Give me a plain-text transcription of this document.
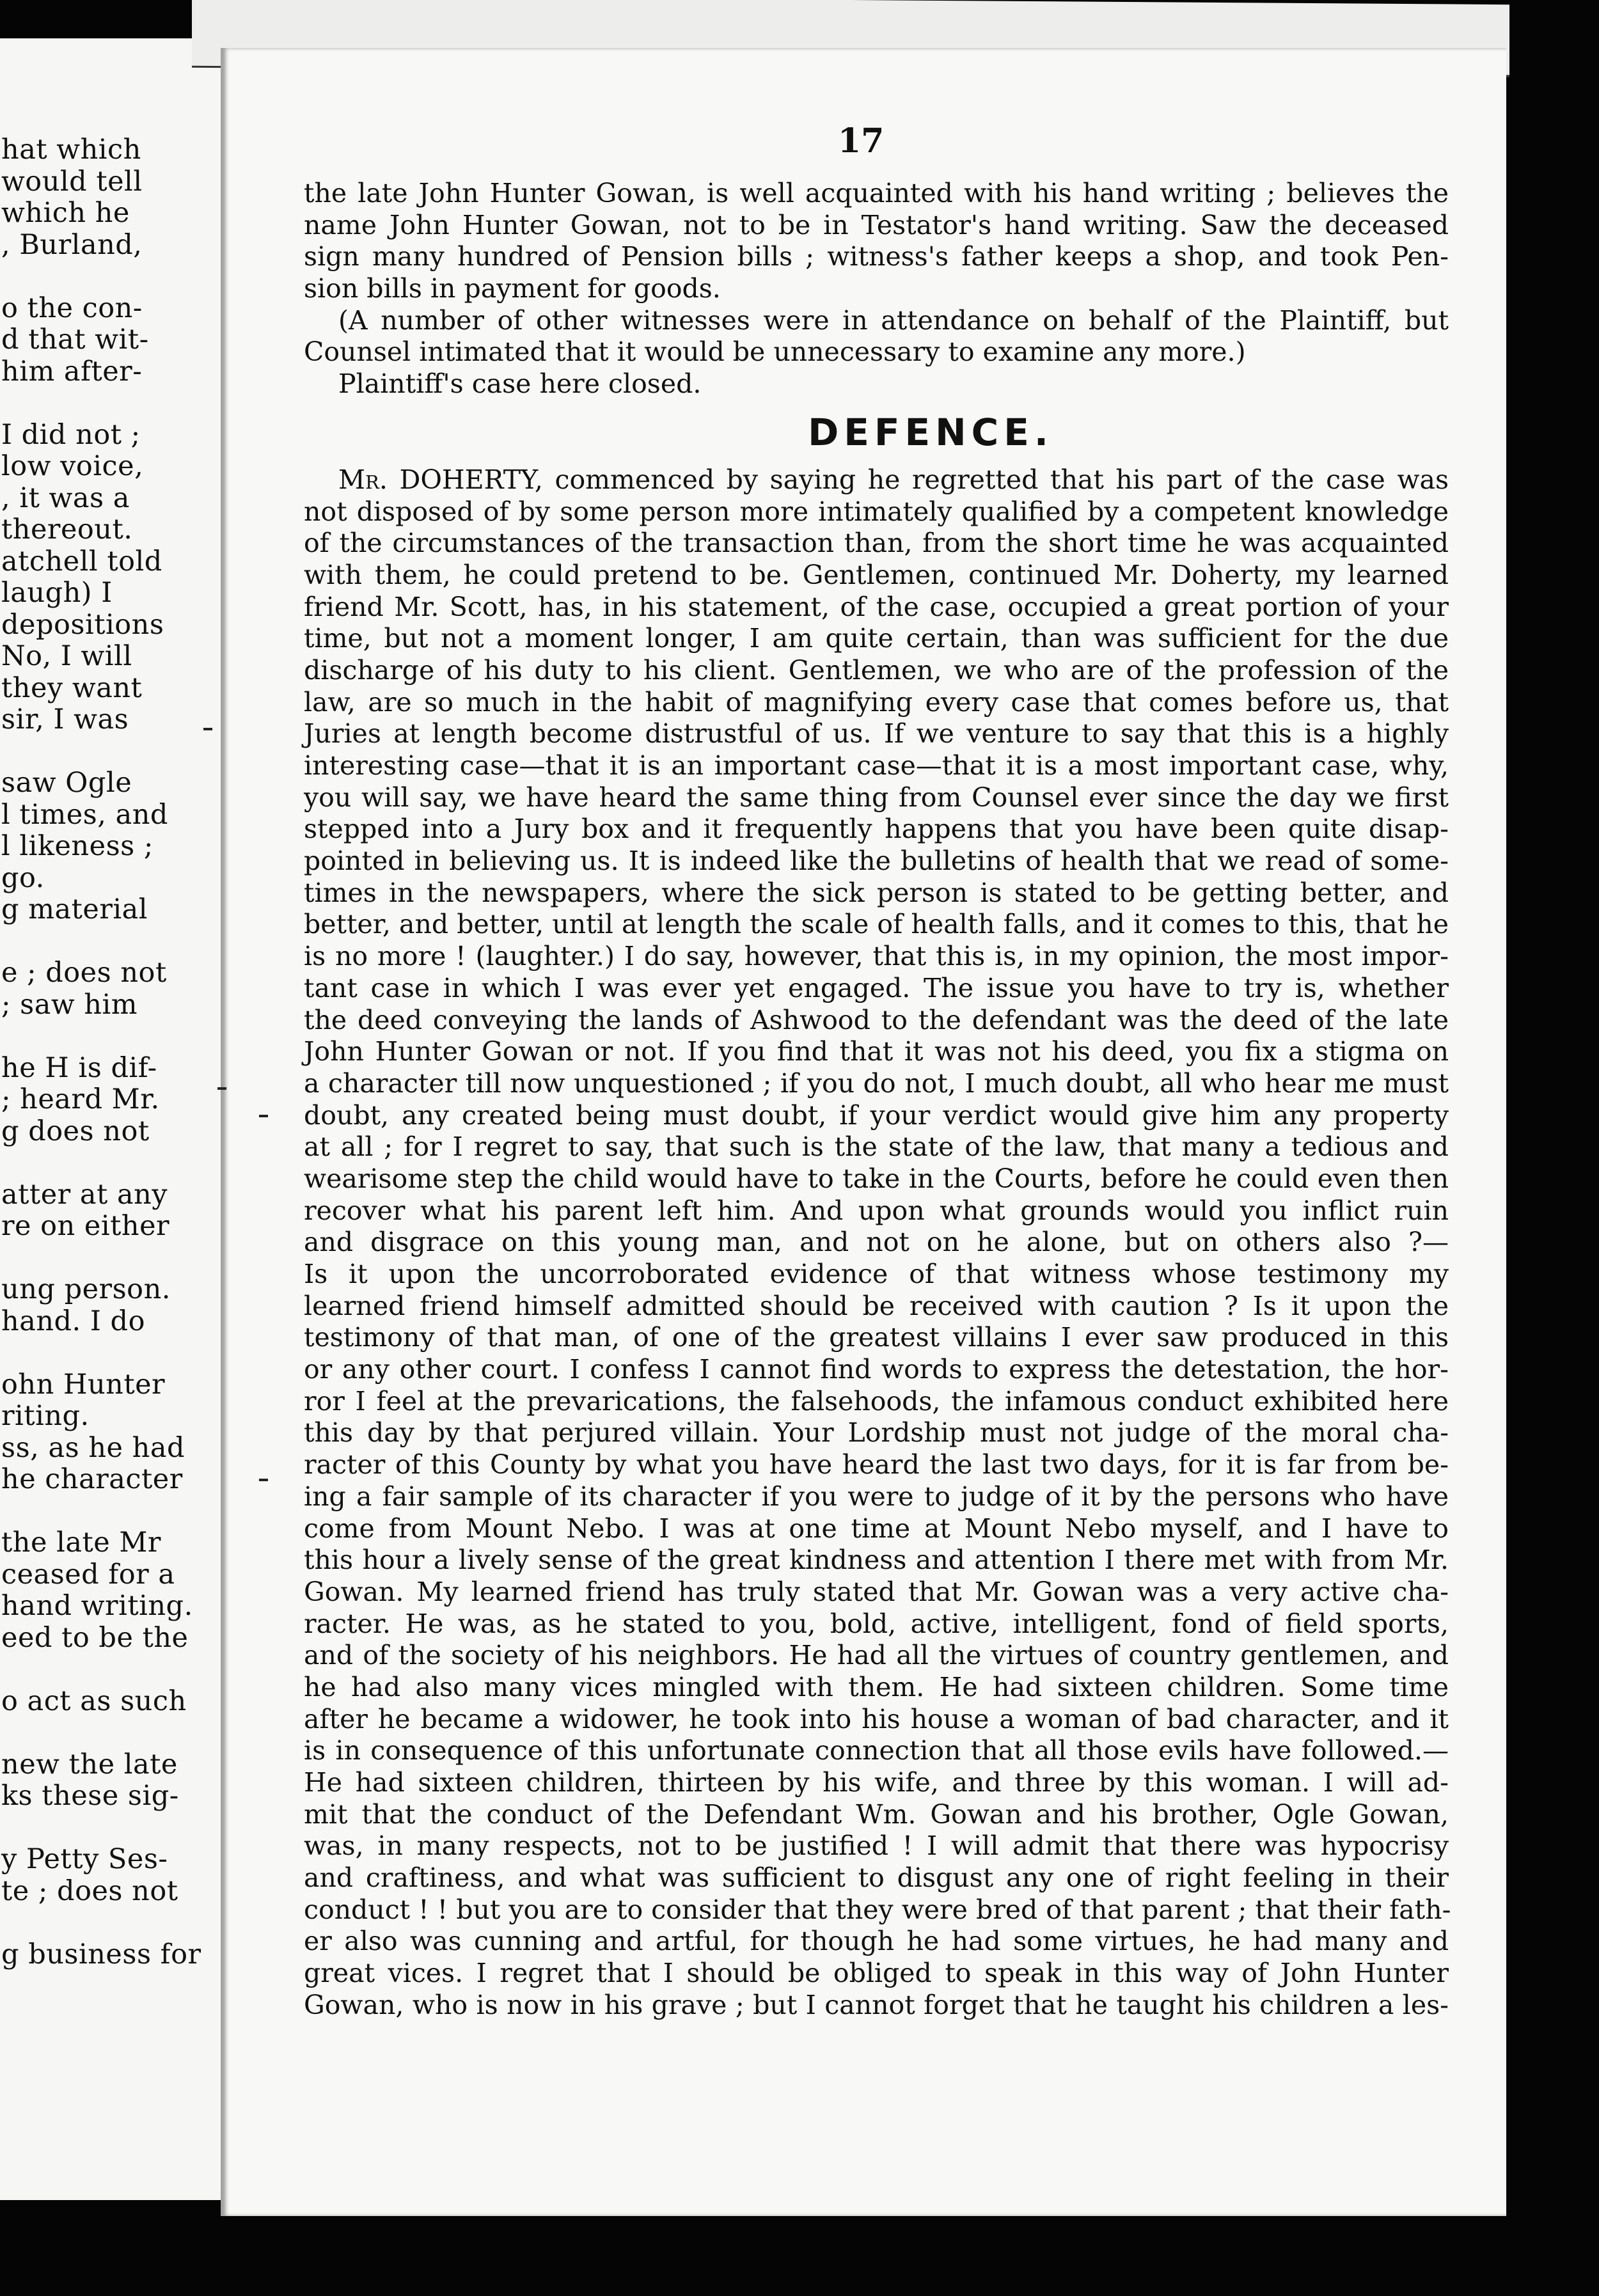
hat which
would tell
which he
, Burland,
o the con-
d that wit-
him after-
I did not ;
low voice,
, it was a
thereout.
atchell told
laugh) I
depositions
No, I will
they want
sir, I was
saw Ogle
l times, and
l likeness ;
go.
g material
e ; does not
; saw him
he H is dif-
; heard Mr.
g does not
atter at any
re on either
ung person.
hand. I do
ohn Hunter
riting.
ss, as he had
he character
the late Mr
ceased for a
hand writing.
eed to be the
o act as such
new the late
ks these sig-
y Petty Ses-
te ; does not
g business for
17
the late John Hunter Gowan, is well acquainted with his hand writing ; believes the
name John Hunter Gowan, not to be in Testator's hand writing. Saw the deceased
sign many hundred of Pension bills ; witness's father keeps a shop, and took Pen-
sion bills in payment for goods.
(A number of other witnesses were in attendance on behalf of the Plaintiff, but
Counsel intimated that it would be unnecessary to examine any more.)
Plaintiff's case here closed.
DEFENCE.
Mr. DOHERTY, commenced by saying he regretted that his part of the case was
not disposed of by some person more intimately qualified by a competent knowledge
of the circumstances of the transaction than, from the short time he was acquainted
with them, he could pretend to be. Gentlemen, continued Mr. Doherty, my learned
friend Mr. Scott, has, in his statement, of the case, occupied a great portion of your
time, but not a moment longer, I am quite certain, than was sufficient for the due
discharge of his duty to his client. Gentlemen, we who are of the profession of the
law, are so much in the habit of magnifying every case that comes before us, that
Juries at length become distrustful of us. If we venture to say that this is a highly
interesting case—that it is an important case—that it is a most important case, why,
you will say, we have heard the same thing from Counsel ever since the day we first
stepped into a Jury box and it frequently happens that you have been quite disap-
pointed in believing us. It is indeed like the bulletins of health that we read of some-
times in the newspapers, where the sick person is stated to be getting better, and
better, and better, until at length the scale of health falls, and it comes to this, that he
is no more ! (laughter.) I do say, however, that this is, in my opinion, the most impor-
tant case in which I was ever yet engaged. The issue you have to try is, whether
the deed conveying the lands of Ashwood to the defendant was the deed of the late
John Hunter Gowan or not. If you find that it was not his deed, you fix a stigma on
a character till now unquestioned ; if you do not, I much doubt, all who hear me must
doubt, any created being must doubt, if your verdict would give him any property
at all ; for I regret to say, that such is the state of the law, that many a tedious and
wearisome step the child would have to take in the Courts, before he could even then
recover what his parent left him. And upon what grounds would you inflict ruin
and disgrace on this young man, and not on he alone, but on others also ?—
Is it upon the uncorroborated evidence of that witness whose testimony my
learned friend himself admitted should be received with caution ? Is it upon the
testimony of that man, of one of the greatest villains I ever saw produced in this
or any other court. I confess I cannot find words to express the detestation, the hor-
ror I feel at the prevarications, the falsehoods, the infamous conduct exhibited here
this day by that perjured villain. Your Lordship must not judge of the moral cha-
racter of this County by what you have heard the last two days, for it is far from be-
ing a fair sample of its character if you were to judge of it by the persons who have
come from Mount Nebo. I was at one time at Mount Nebo myself, and I have to
this hour a lively sense of the great kindness and attention I there met with from Mr.
Gowan. My learned friend has truly stated that Mr. Gowan was a very active cha-
racter. He was, as he stated to you, bold, active, intelligent, fond of field sports,
and of the society of his neighbors. He had all the virtues of country gentlemen, and
he had also many vices mingled with them. He had sixteen children. Some time
after he became a widower, he took into his house a woman of bad character, and it
is in consequence of this unfortunate connection that all those evils have followed.—
He had sixteen children, thirteen by his wife, and three by this woman. I will ad-
mit that the conduct of the Defendant Wm. Gowan and his brother, Ogle Gowan,
was, in many respects, not to be justified ! I will admit that there was hypocrisy
and craftiness, and what was sufficient to disgust any one of right feeling in their
conduct ! ! but you are to consider that they were bred of that parent ; that their fath-
er also was cunning and artful, for though he had some virtues, he had many and
great vices. I regret that I should be obliged to speak in this way of John Hunter
Gowan, who is now in his grave ; but I cannot forget that he taught his children a les-
